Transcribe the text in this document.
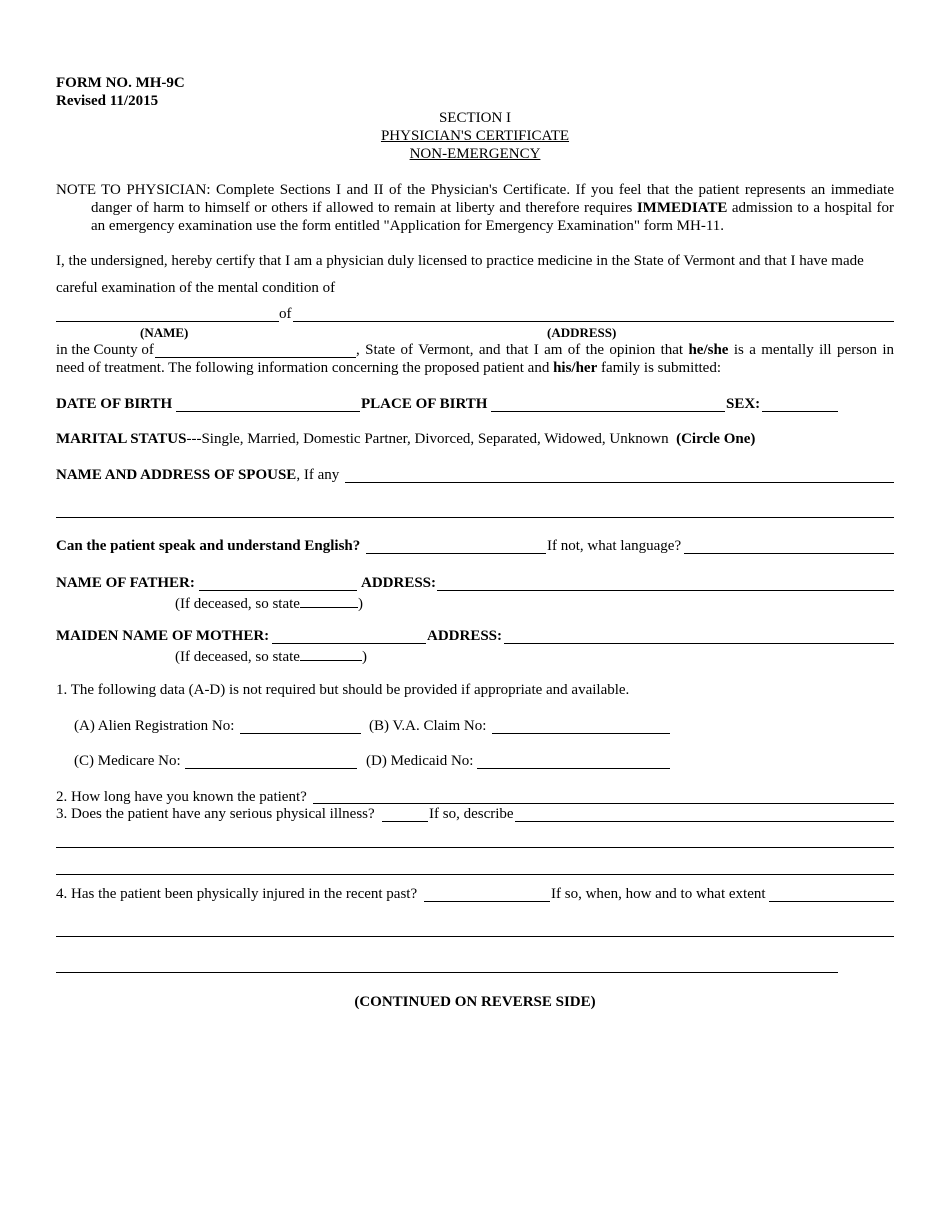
FORM NO. MH-9C
Revised 11/2015
SECTION I
PHYSICIAN'S CERTIFICATE
NON-EMERGENCY
NOTE TO PHYSICIAN: Complete Sections I and II of the Physician's Certificate. If you feel that the patient represents an immediate danger of harm to himself or others if allowed to remain at liberty and therefore requires IMMEDIATE admission to a hospital for an emergency examination use the form entitled "Application for Emergency Examination" form MH-11.
I, the undersigned, hereby certify that I am a physician duly licensed to practice medicine in the State of Vermont and that I have made
careful examination of the mental condition of
of
(NAME)	(ADDRESS)
in the County of	, State of Vermont, and that I am of the opinion that he/she is a mentally ill person in
need of treatment. The following information concerning the proposed patient and his/her family is submitted:
DATE OF BIRTH	PLACE OF BIRTH	SEX:
MARITAL STATUS---Single, Married, Domestic Partner, Divorced, Separated, Widowed, Unknown (Circle One)
NAME AND ADDRESS OF SPOUSE, If any
Can the patient speak and understand English?	If not, what language?
NAME OF FATHER:	ADDRESS:
(If deceased, so state	)
MAIDEN NAME OF MOTHER:	ADDRESS:
(If deceased, so state	)
1. The following data (A-D) is not required but should be provided if appropriate and available.
(A) Alien Registration No:	(B) V.A. Claim No:
(C) Medicare No:	(D) Medicaid No:
2. How long have you known the patient?
3. Does the patient have any serious physical illness?	If so, describe
4. Has the patient been physically injured in the recent past?	If so, when, how and to what extent
(CONTINUED ON REVERSE SIDE)
